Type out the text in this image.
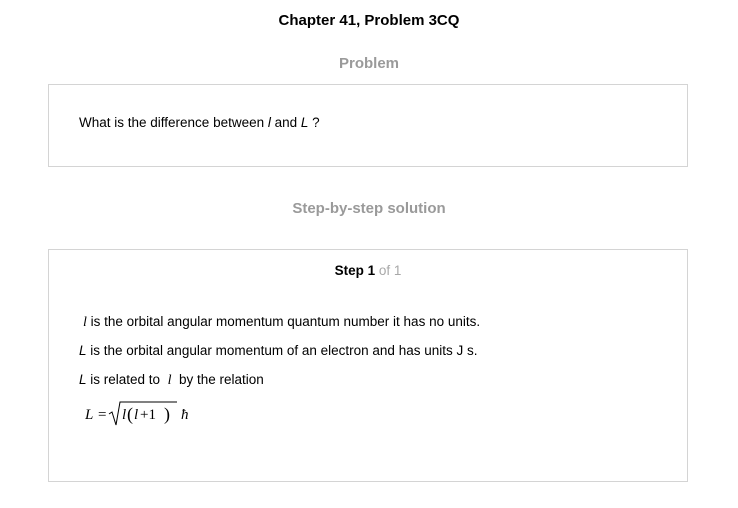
Chapter 41, Problem 3CQ
Problem
What is the difference between l and L ?
Step-by-step solution
Step 1 of 1
l is the orbital angular momentum quantum number it has no units.
L is the orbital angular momentum of an electron and has units J s.
L is related to  l  by the relation
L = l ( l +1 ) ħ
